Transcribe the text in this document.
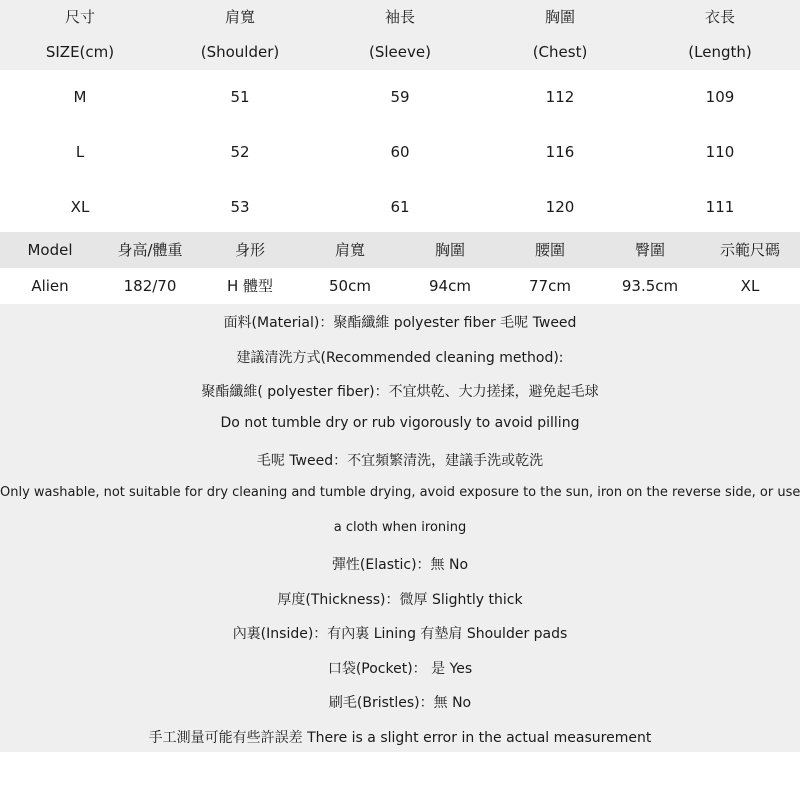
尺寸	肩寬	袖長	胸圍	衣長
SIZE(cm)	(Shoulder)	(Sleeve)	(Chest)	(Length)
M	51	59	112	109
L	52	60	116	110
XL	53	61	120	111
Model	身高/體重	身形	肩寬	胸圍	腰圍	臀圍	示範尺碼
Alien	182/70	H 體型	50cm	94cm	77cm	93.5cm	XL
面料(Material)：聚酯纖維 polyester fiber 毛呢 Tweed
建議清洗方式(Recommended cleaning method):
聚酯纖維( polyester fiber)：不宜烘乾、大力搓揉，避免起毛球
Do not tumble dry or rub vigorously to avoid pilling
毛呢 Tweed：不宜頻繁清洗，建議手洗或乾洗
Only washable, not suitable for dry cleaning and tumble drying, avoid exposure to the sun, iron on the reverse side, or use
a cloth when ironing
彈性(Elastic)：無 No
厚度(Thickness)：微厚 Slightly thick
內裏(Inside)：有內裏 Lining 有墊肩 Shoulder pads
口袋(Pocket)： 是 Yes
刷毛(Bristles)：無 No
手工測量可能有些許誤差 There is a slight error in the actual measurement
